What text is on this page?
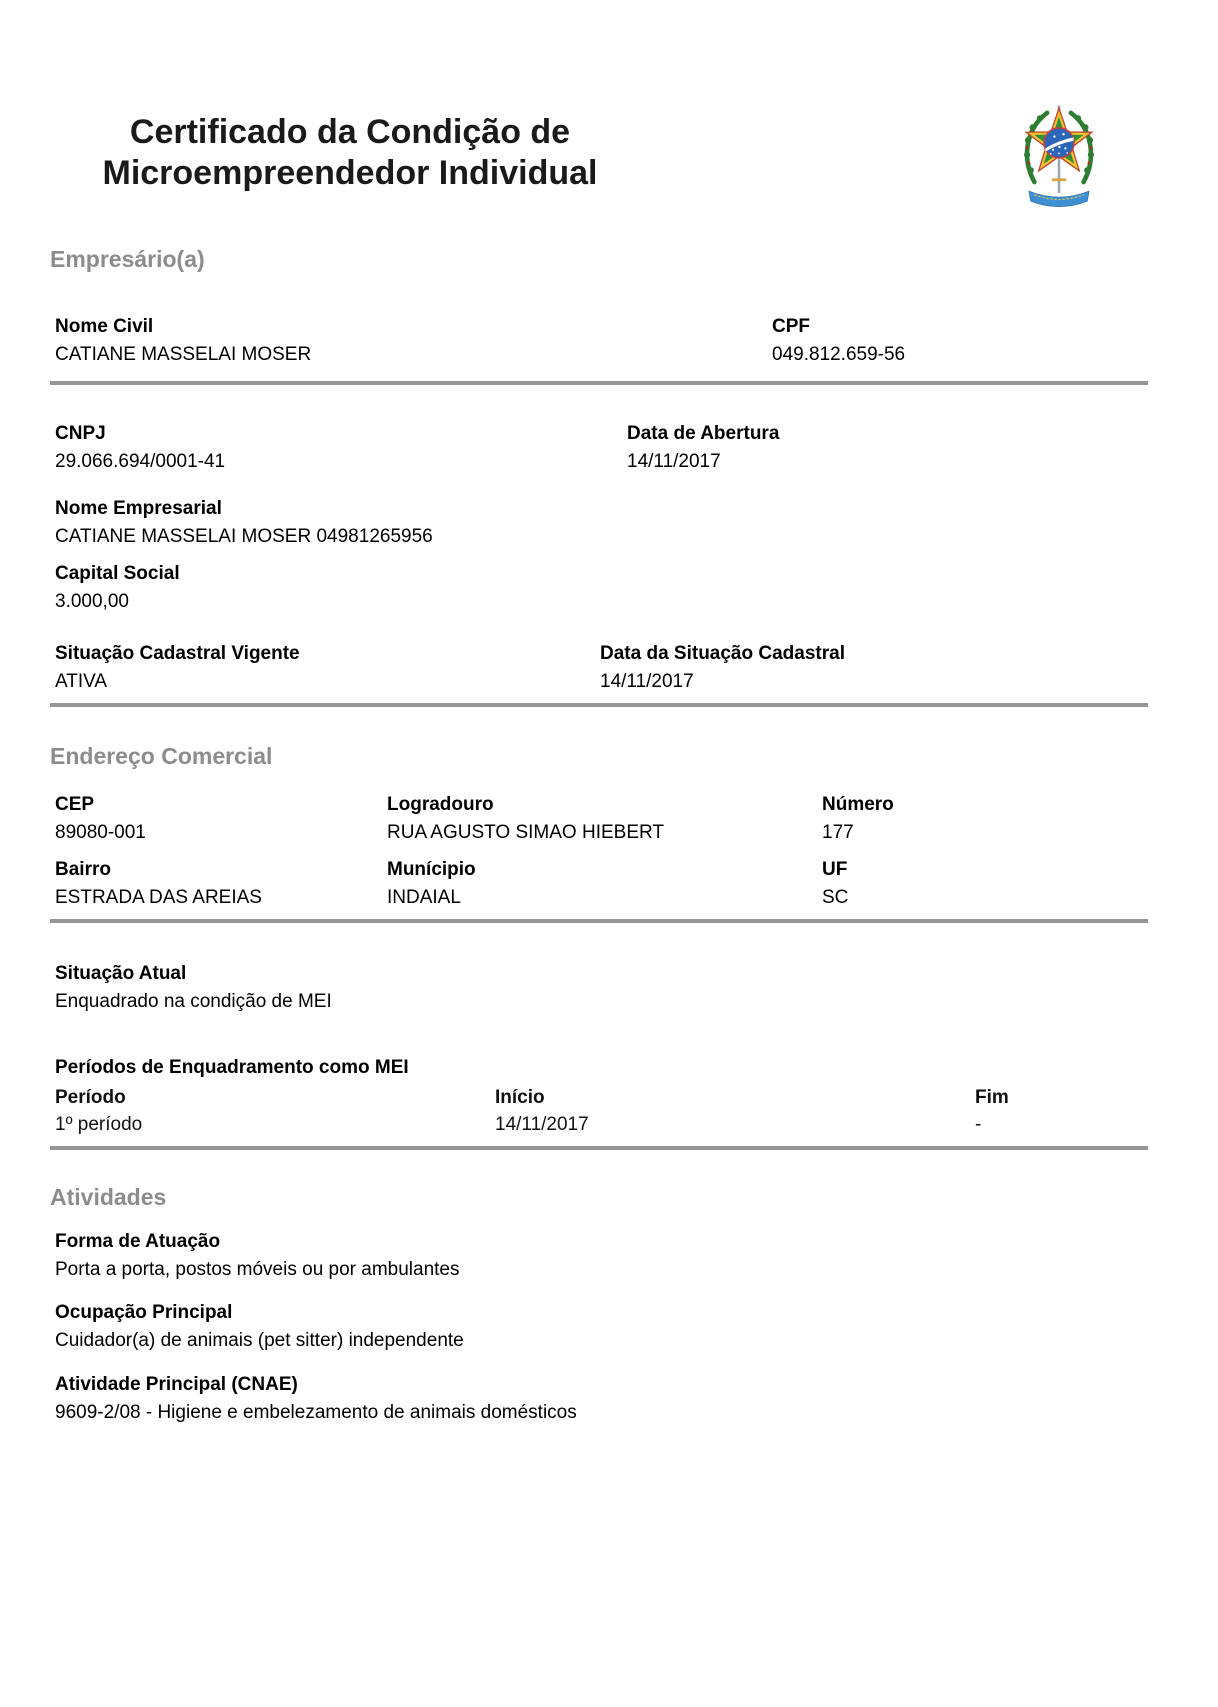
Certificado da Condição de
Microempreendedor Individual
Empresário(a)
Nome Civil
CATIANE MASSELAI MOSER
CPF
049.812.659-56
CNPJ
29.066.694/0001-41
Data de Abertura
14/11/2017
Nome Empresarial
CATIANE MASSELAI MOSER 04981265956
Capital Social
3.000,00
Situação Cadastral Vigente
ATIVA
Data da Situação Cadastral
14/11/2017
Endereço Comercial
CEP
89080-001
Logradouro
RUA AGUSTO SIMAO HIEBERT
Número
177
Bairro
ESTRADA DAS AREIAS
Munícipio
INDAIAL
UF
SC
Situação Atual
Enquadrado na condição de MEI
Períodos de Enquadramento como MEI
Período	Início	Fim
1º período	14/11/2017	-
Atividades
Forma de Atuação
Porta a porta, postos móveis ou por ambulantes
Ocupação Principal
Cuidador(a) de animais (pet sitter) independente
Atividade Principal (CNAE)
9609-2/08 - Higiene e embelezamento de animais domésticos
